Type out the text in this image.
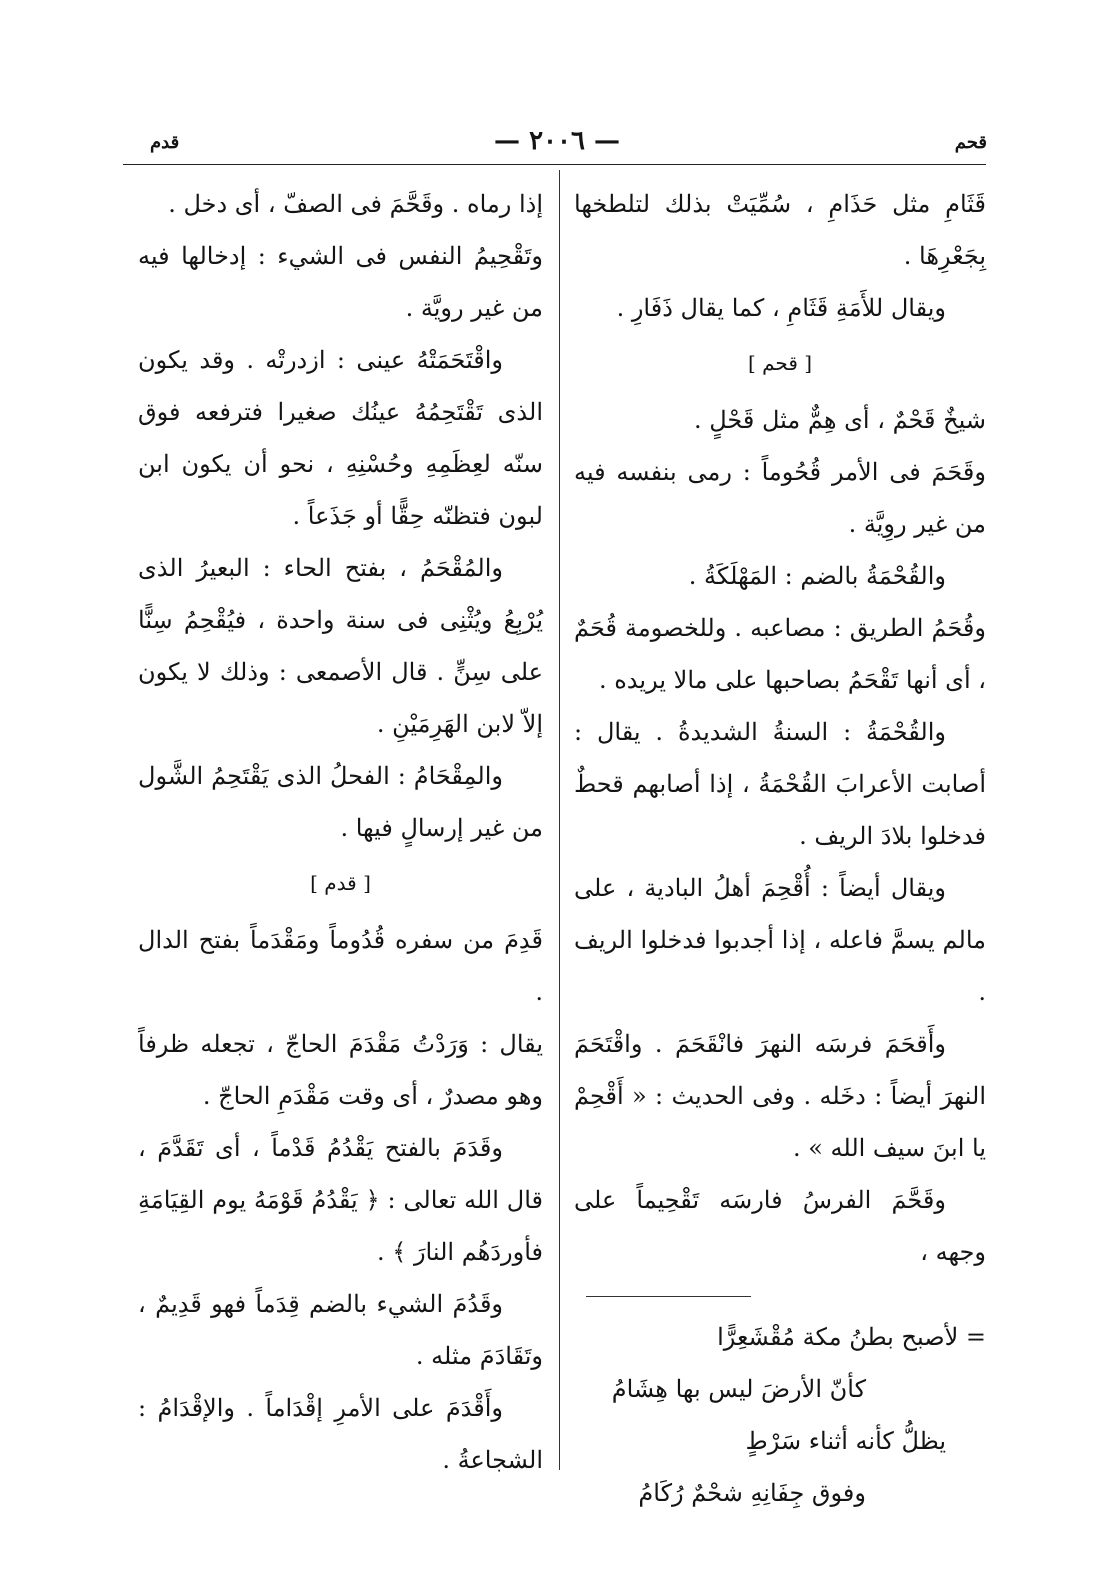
قحم
— ٢٠٠٦ —
قدم

قَثَامِ مثل حَذَامِ ، سُمِّيَتْ بذلك لتلطخها بِجَعْرِهَا .

ويقال للأَمَةِ قَثَامِ ، كما يقال ذَفَارِ .

[ قحم ]

شيخٌ قَحْمٌ ، أى هِمٌّ مثل قَحْلٍ .

وقَحَمَ فى الأمر قُحُوماً : رمى بنفسه فيه من غير روِيَّة .

والقُحْمَةُ بالضم : المَهْلَكَةُ .

وقُحَمُ الطريق : مصاعبه . وللخصومة قُحَمٌ ، أى أنها تَقْحَمُ بصاحبها على مالا يريده .

والقُحْمَةُ : السنةُ الشديدةُ . يقال : أصابت الأعرابَ القُحْمَةُ ، إذا أصابهم قحطٌ فدخلوا بلادَ الريف .

ويقال أيضاً : أُقْحِمَ أهلُ البادية ، على مالم يسمَّ فاعله ، إذا أجدبوا فدخلوا الريف .

وأَقحَمَ فرسَه النهرَ فانْقَحَمَ . واقْتَحَمَ النهرَ أيضاً : دخَله . وفى الحديث : « أَقْحِمْ يا ابنَ سيف الله » .

وقَحَّمَ الفرسُ فارسَه تَقْحِيماً على وجهه ،

= لأصبح بطنُ مكة مُقْشَعِرًّا
كأنّ الأرضَ ليس بها هِشَامُ
يظلُّ كأنه أثناء سَرْطٍ
وفوق جِفَانِهِ شحْمٌ رُكَامُ

إذا رماه . وقَحَّمَ فى الصفّ ، أى دخل .

وتَقْحِيمُ النفس فى الشيء : إدخالها فيه من غير رويَّة .

واقْتَحَمَتْهُ عينى : ازدرتْه . وقد يكون الذى تَقْتَحِمُهُ عينُك صغيرا فترفعه فوق سنّه لعِظَمِهِ وحُسْنِهِ ، نحو أن يكون ابن لبون فتظنّه حِقًّا أو جَذَعاً .

والمُقْحَمُ ، بفتح الحاء : البعيرُ الذى يُرْبِعُ ويُثْنِى فى سنة واحدة ، فيُقْحِمُ سِنًّا على سِنٍّ . قال الأصمعى : وذلك لا يكون إلاّ لابن الهَرِمَيْنِ .

والمِقْحَامُ : الفحلُ الذى يَقْتَحِمُ الشَّول من غير إرسالٍ فيها .

[ قدم ]

قَدِمَ من سفره قُدُوماً ومَقْدَماً بفتح الدال .

يقال : وَرَدْتُ مَقْدَمَ الحاجّ ، تجعله ظرفاً وهو مصدرٌ ، أى وقت مَقْدَمِ الحاجّ .

وقَدَمَ بالفتح يَقْدُمُ قَدْماً ، أى تَقَدَّمَ ، قال الله تعالى : ﴿ يَقْدُمُ قَوْمَهُ يوم القِيَامَةِ فأوردَهُم النارَ ﴾ .

وقَدُمَ الشيء بالضم قِدَماً فهو قَدِيمٌ ، وتَقَادَمَ مثله .

وأَقْدَمَ على الأمرِ إقْدَاماً . والإقْدَامُ : الشجاعةُ .
